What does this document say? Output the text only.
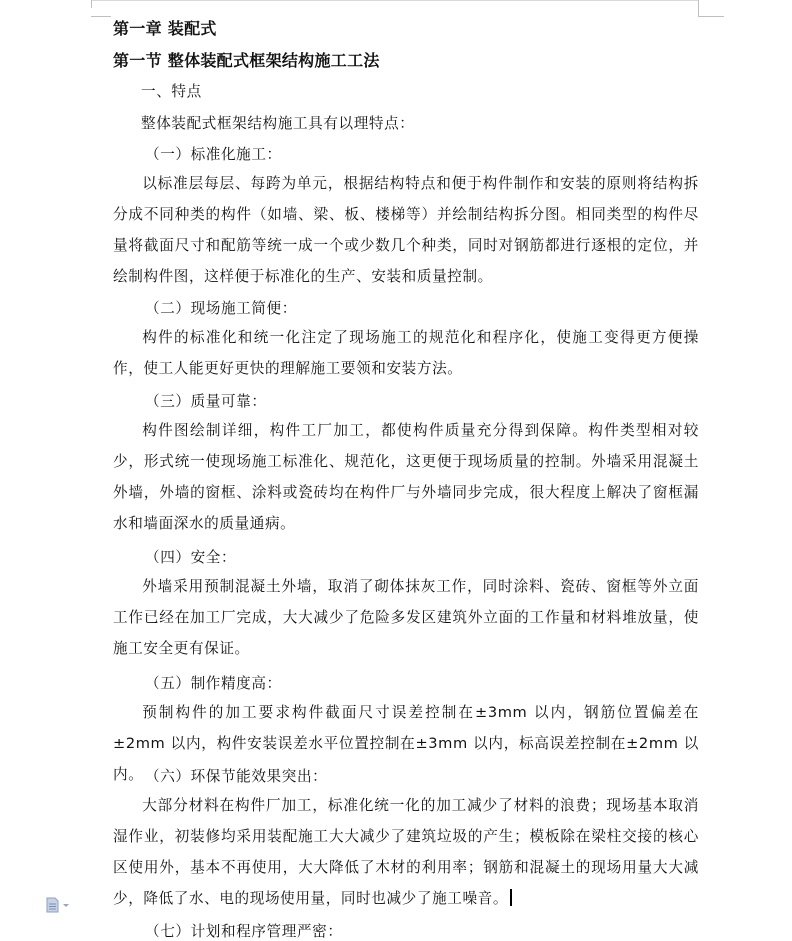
第一章 装配式
第一节 整体装配式框架结构施工工法
一、特点
整体装配式框架结构施工具有以理特点：
（一）标准化施工：
以标准层每层、每跨为单元，根据结构特点和便于构件制作和安装的原则将结构拆分成不同种类的构件（如墙、梁、板、楼梯等）并绘制结构拆分图。相同类型的构件尽量将截面尺寸和配筋等统一成一个或少数几个种类，同时对钢筋都进行逐根的定位，并绘制构件图，这样便于标准化的生产、安装和质量控制。
（二）现场施工简便：
构件的标准化和统一化注定了现场施工的规范化和程序化，使施工变得更方便操作，使工人能更好更快的理解施工要领和安装方法。
（三）质量可靠：
构件图绘制详细，构件工厂加工，都使构件质量充分得到保障。构件类型相对较少，形式统一使现场施工标准化、规范化，这更便于现场质量的控制。外墙采用混凝土外墙，外墙的窗框、涂料或瓷砖均在构件厂与外墙同步完成，很大程度上解决了窗框漏水和墙面深水的质量通病。
（四）安全：
外墙采用预制混凝土外墙，取消了砌体抹灰工作，同时涂料、瓷砖、窗框等外立面工作已经在加工厂完成，大大减少了危险多发区建筑外立面的工作量和材料堆放量，使施工安全更有保证。
（五）制作精度高：
预制构件的加工要求构件截面尺寸误差控制在±3mm 以内，钢筋位置偏差在±2mm 以内，构件安装误差水平位置控制在±3mm 以内，标高误差控制在±2mm 以内。 （六）环保节能效果突出：
大部分材料在构件厂加工，标准化统一化的加工减少了材料的浪费；现场基本取消湿作业，初装修均采用装配施工大大减少了建筑垃圾的产生；模板除在梁柱交接的核心区使用外，基本不再使用，大大降低了木材的利用率；钢筋和混凝土的现场用量大大减少，降低了水、电的现场使用量，同时也减少了施工噪音。
（七）计划和程序管理严密：
